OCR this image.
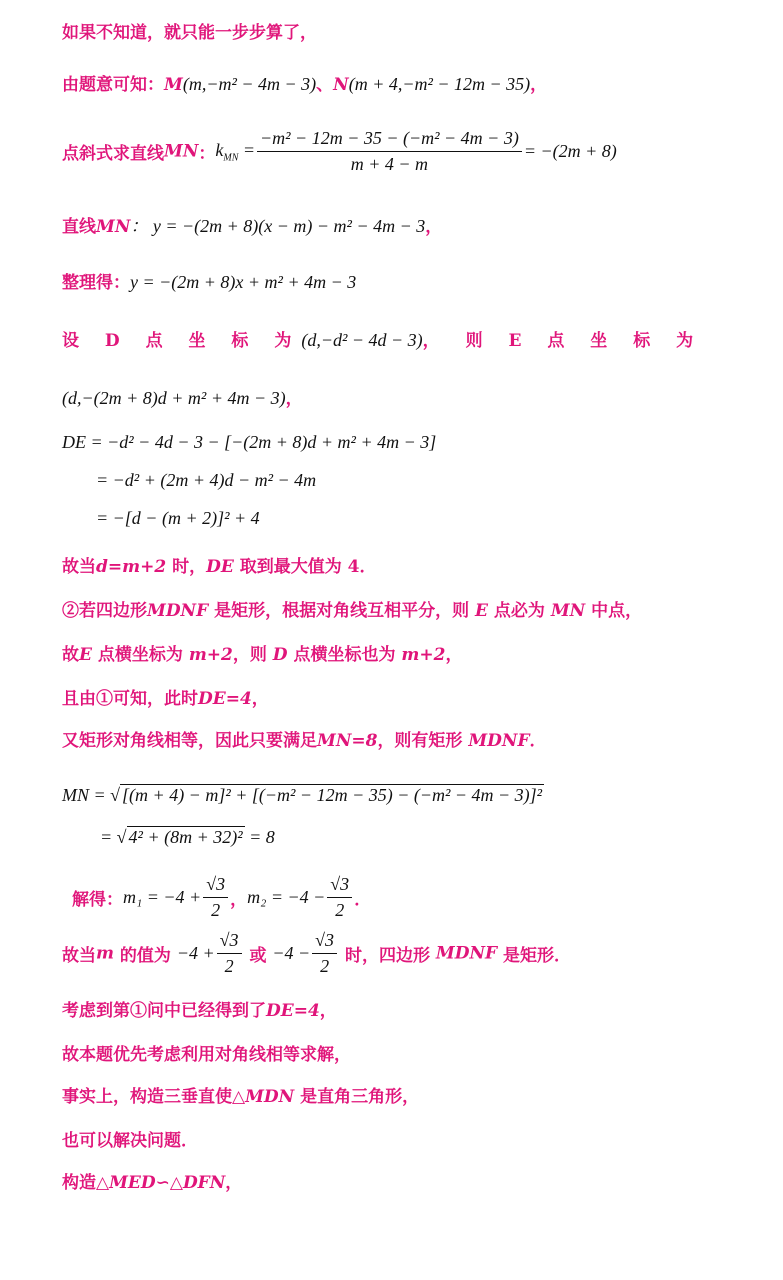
如果不知道，就只能一步步算了，
由题意可知：M(m,−m² − 4m − 3)、N(m + 4,−m² − 12m − 35)，
点斜式求直线MN：$k_{MN} = \frac{\text{−m² − 12m − 35 − (−m² − 4m − 3)}}{m + 4 - m} = -(2m + 8)$
直线MN： y = −(2m + 8)(x − m) − m² − 4m − 3，
整理得：y = −(2m + 8)x + m² + 4m − 3
设 D 点 坐 标 为(d,−d² − 4d − 3)， 则 E 点 坐 标 为
(d,−(2m + 8)d + m² + 4m − 3)，
DE = −d² − 4d − 3 − [−(2m + 8)d + m² + 4m − 3]
= −d² + (2m + 4)d − m² − 4m
= −[d − (m + 2)]² + 4
故当d=m+2 时，DE 取到最大值为 4．
②若四边形MDNF 是矩形，根据对角线互相平分，则 E 点必为 MN 中点，
故E 点横坐标为 m+2，则 D 点横坐标也为 m+2，
且由①可知，此时DE=4，
又矩形对角线相等，因此只要满足MN=8，则有矩形 MDNF．
MN = √ [(m + 4) − m]² + [(−m² − 12m − 35) − (−m² − 4m − 3)]²
= √ 4² + (8m + 32)² = 8
解得：$m_1 = -4 + \frac{√3}{2}$ ，$m_2 = -4 - \frac{√3}{2}$ ．
故当m 的值为 $-4 + \frac{√3}{2}$ 或 $-4 - \frac{√3}{2}$ 时，四边形 MDNF 是矩形．
考虑到第①问中已经得到了DE=4，
故本题优先考虑利用对角线相等求解，
事实上，构造三垂直使△MDN 是直角三角形，
也可以解决问题．
构造△MED∽△DFN，
